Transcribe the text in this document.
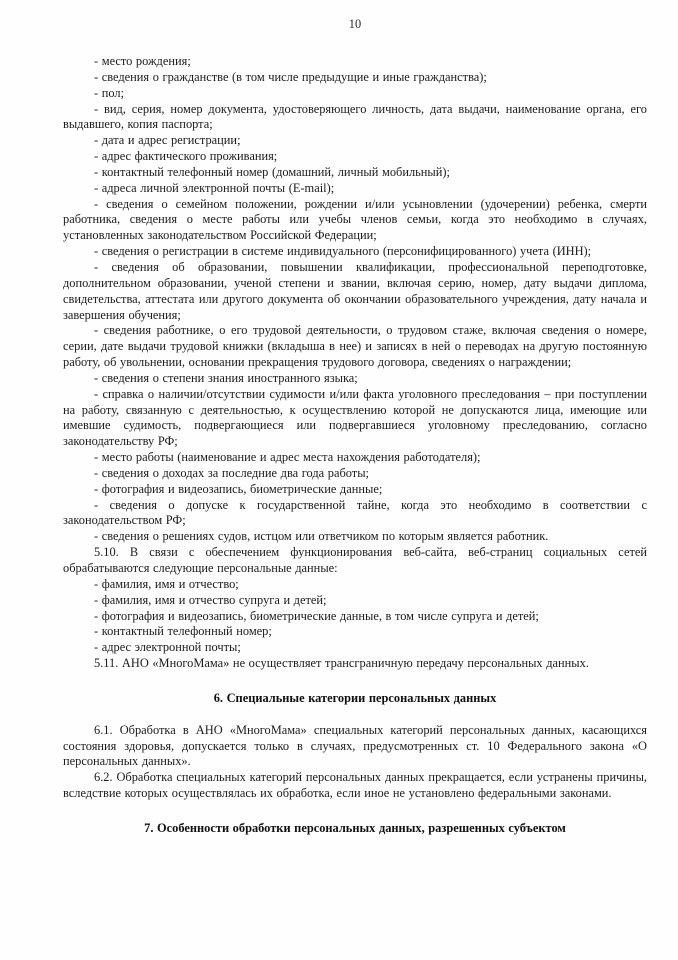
10

- место рождения;

- сведения о гражданстве (в том числе предыдущие и иные гражданства);

- пол;

- вид, серия, номер документа, удостоверяющего личность, дата выдачи, наименование органа, его выдавшего, копия паспорта;

- дата и адрес регистрации;

- адрес фактического проживания;

- контактный телефонный номер (домашний, личный мобильный);

- адреса личной электронной почты (E-mail);

- сведения о семейном положении, рождении и/или усыновлении (удочерении) ребенка, смерти работника, сведения о месте работы или учебы членов семьи, когда это необходимо в случаях, установленных законодательством Российской Федерации;

- сведения о регистрации в системе индивидуального (персонифицированного) учета (ИНН);

- сведения об образовании, повышении квалификации, профессиональной переподготовке, дополнительном образовании, ученой степени и звании, включая серию, номер, дату выдачи диплома, свидетельства, аттестата или другого документа об окончании образовательного учреждения, дату начала и завершения обучения;

- сведения работнике, о его трудовой деятельности, о трудовом стаже, включая сведения о номере, серии, дате выдачи трудовой книжки (вкладыша в нее) и записях в ней о переводах на другую постоянную работу, об увольнении, основании прекращения трудового договора, сведениях о награждении;

- сведения о степени знания иностранного языка;

- справка о наличии/отсутствии судимости и/или факта уголовного преследования – при поступлении на работу, связанную с деятельностью, к осуществлению которой не допускаются лица, имеющие или имевшие судимость, подвергающиеся или подвергавшиеся уголовному преследованию, согласно законодательству РФ;

- место работы (наименование и адрес места нахождения работодателя);

- сведения о доходах за последние два года работы;

- фотография и видеозапись, биометрические данные;

- сведения о допуске к государственной тайне, когда это необходимо в соответствии с законодательством РФ;

- сведения о решениях судов, истцом или ответчиком по которым является работник.

5.10. В связи с обеспечением функционирования веб-сайта, веб-страниц социальных сетей обрабатываются следующие персональные данные:

- фамилия, имя и отчество;

- фамилия, имя и отчество супруга и детей;

- фотография и видеозапись, биометрические данные, в том числе супруга и детей;

- контактный телефонный номер;

- адрес электронной почты;

5.11. АНО «МногоМама» не осуществляет трансграничную передачу персональных данных.

6. Специальные категории персональных данных

6.1. Обработка в АНО «МногоМама» специальных категорий персональных данных, касающихся состояния здоровья, допускается только в случаях, предусмотренных ст. 10 Федерального закона «О персональных данных».

6.2. Обработка специальных категорий персональных данных прекращается, если устранены причины, вследствие которых осуществлялась их обработка, если иное не установлено федеральными законами.

7. Особенности обработки персональных данных, разрешенных субъектом
